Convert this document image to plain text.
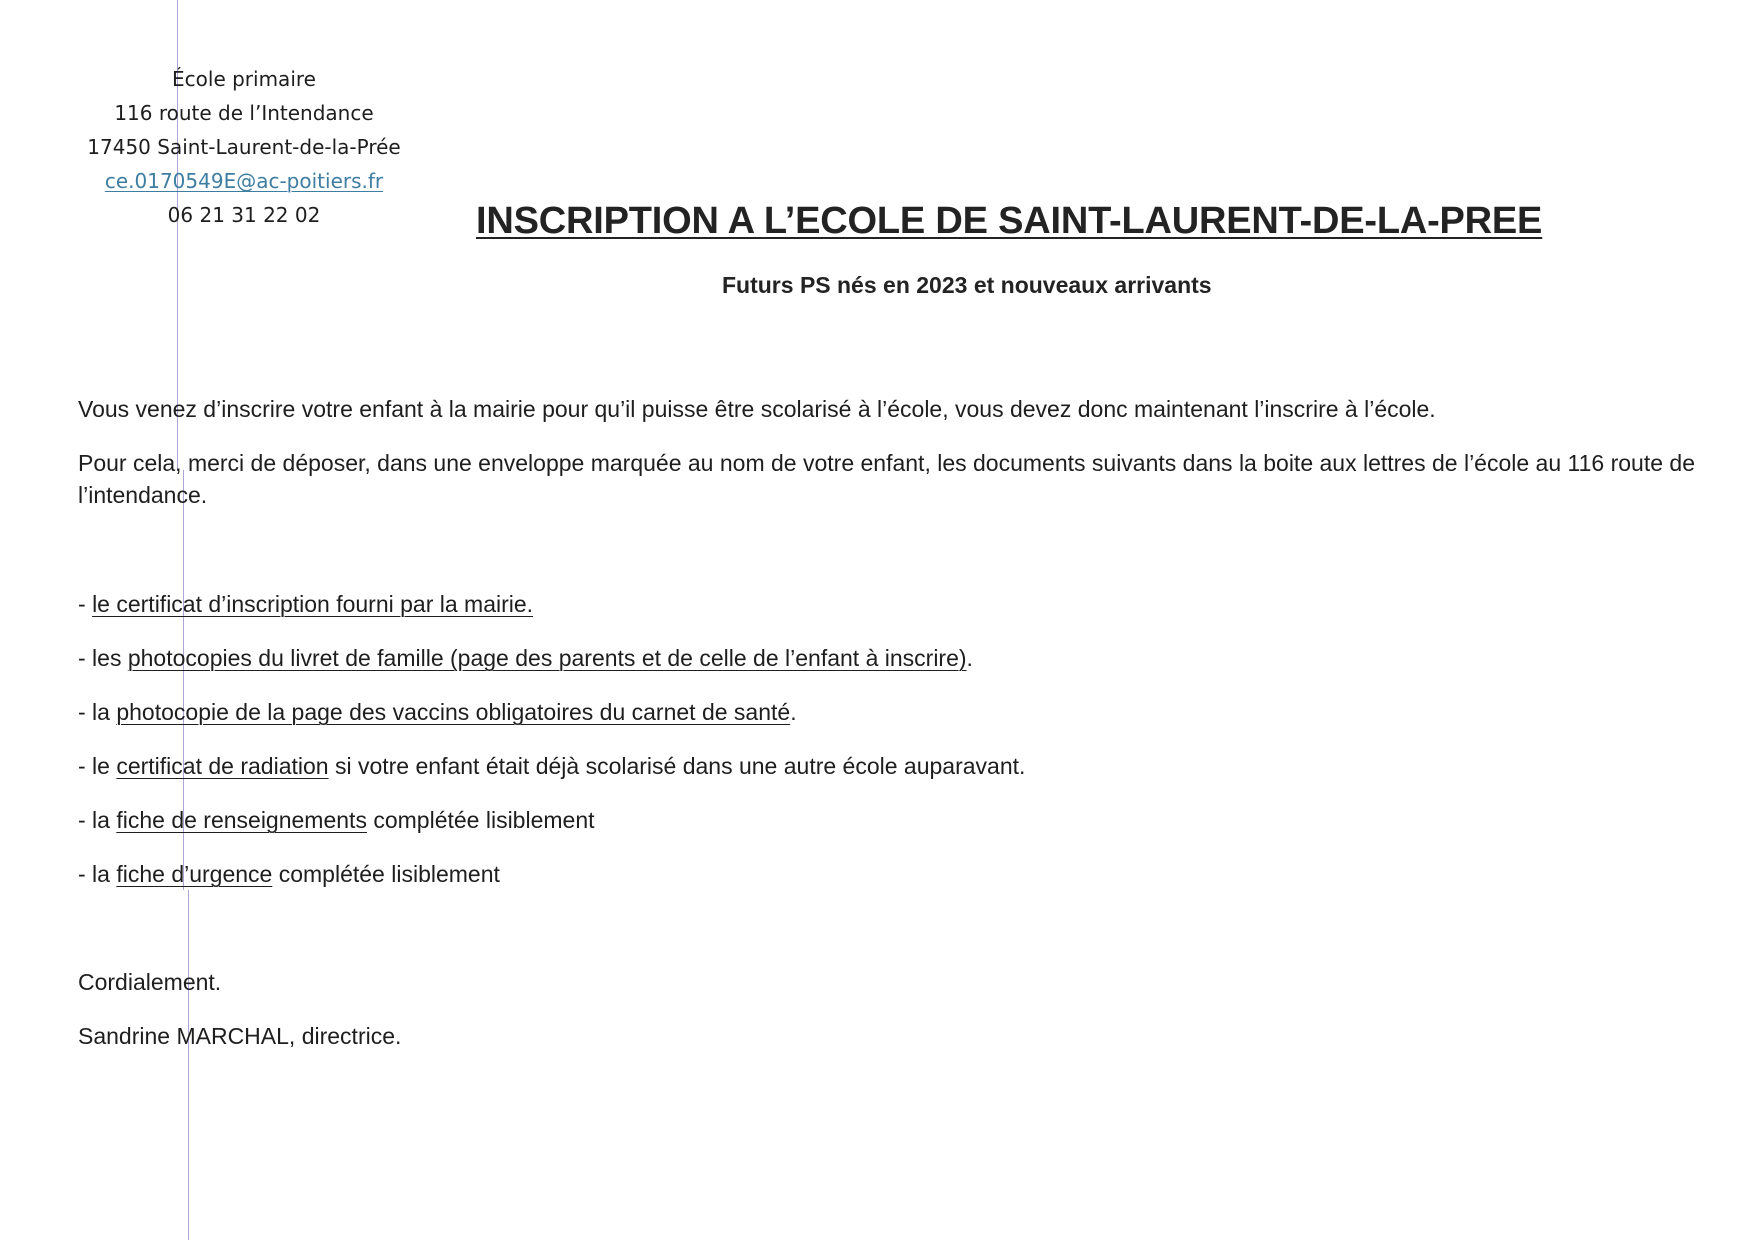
École primaire
116 route de l’Intendance
17450 Saint-Laurent-de-la-Prée
ce.0170549E@ac-poitiers.fr
06 21 31 22 02	INSCRIPTION A L’ECOLE DE SAINT-LAURENT-DE-LA-PREE
Futurs PS nés en 2023 et nouveaux arrivants
Vous venez d’inscrire votre enfant à la mairie pour qu’il puisse être scolarisé à l’école, vous devez donc maintenant l’inscrire à l’école.
Pour cela, merci de déposer, dans une enveloppe marquée au nom de votre enfant, les documents suivants dans la boite aux lettres de l’école au 116 route de l’intendance.
- le certificat d’inscription fourni par la mairie.
- les photocopies du livret de famille (page des parents et de celle de l’enfant à inscrire).
- la photocopie de la page des vaccins obligatoires du carnet de santé.
- le certificat de radiation si votre enfant était déjà scolarisé dans une autre école auparavant.
- la fiche de renseignements complétée lisiblement
- la fiche d’urgence complétée lisiblement
Cordialement.
Sandrine MARCHAL, directrice.
